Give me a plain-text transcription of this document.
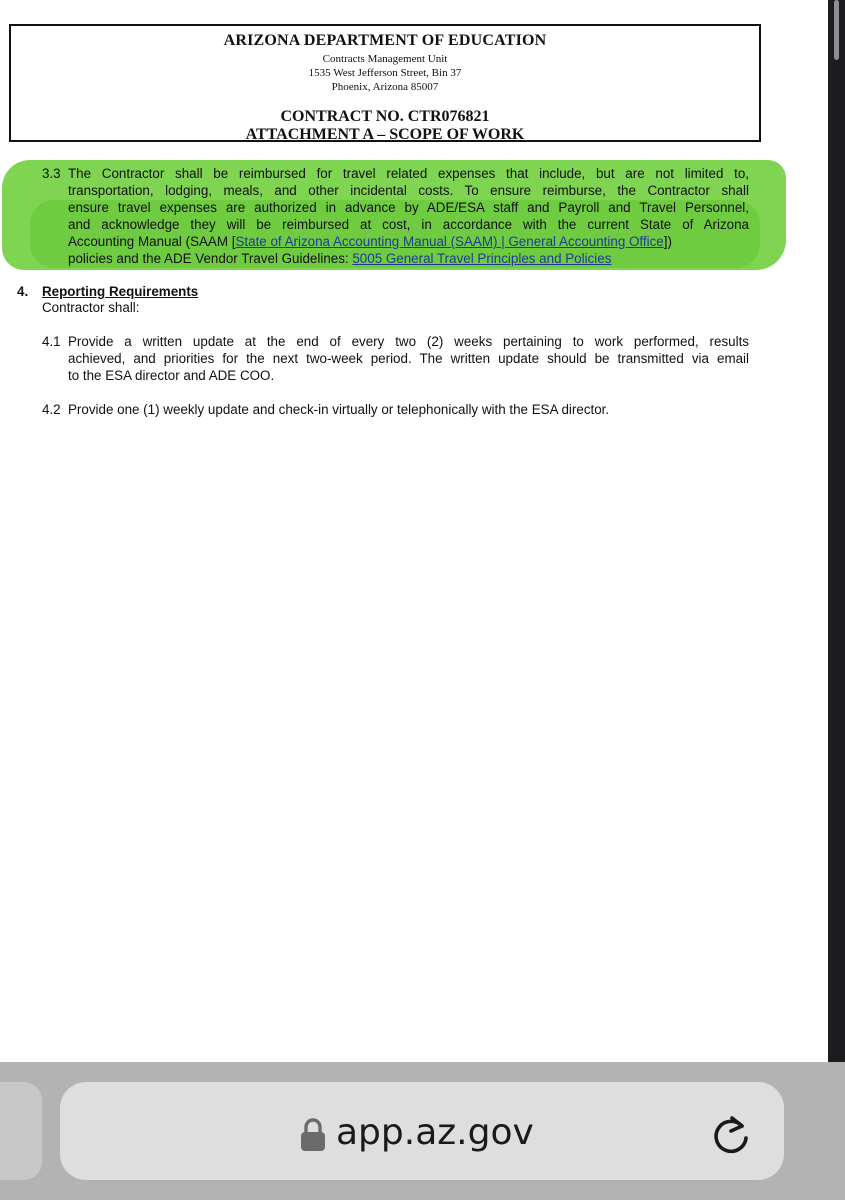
ARIZONA DEPARTMENT OF EDUCATION
Contracts Management Unit
1535 West Jefferson Street, Bin 37
Phoenix, Arizona 85007
CONTRACT NO. CTR076821
ATTACHMENT A – SCOPE OF WORK
3.3 The Contractor shall be reimbursed for travel related expenses that include, but are not limited to,
transportation, lodging, meals, and other incidental costs. To ensure reimburse, the Contractor shall
ensure travel expenses are authorized in advance by ADE/ESA staff and Payroll and Travel Personnel,
and acknowledge they will be reimbursed at cost, in accordance with the current State of Arizona
Accounting Manual (SAAM [State of Arizona Accounting Manual (SAAM) | General Accounting Office])
policies and the ADE Vendor Travel Guidelines: 5005 General Travel Principles and Policies
4. Reporting Requirements
Contractor shall:
4.1 Provide a written update at the end of every two (2) weeks pertaining to work performed, results
achieved, and priorities for the next two-week period. The written update should be transmitted via email
to the ESA director and ADE COO.
4.2 Provide one (1) weekly update and check-in virtually or telephonically with the ESA director.
app.az.gov
